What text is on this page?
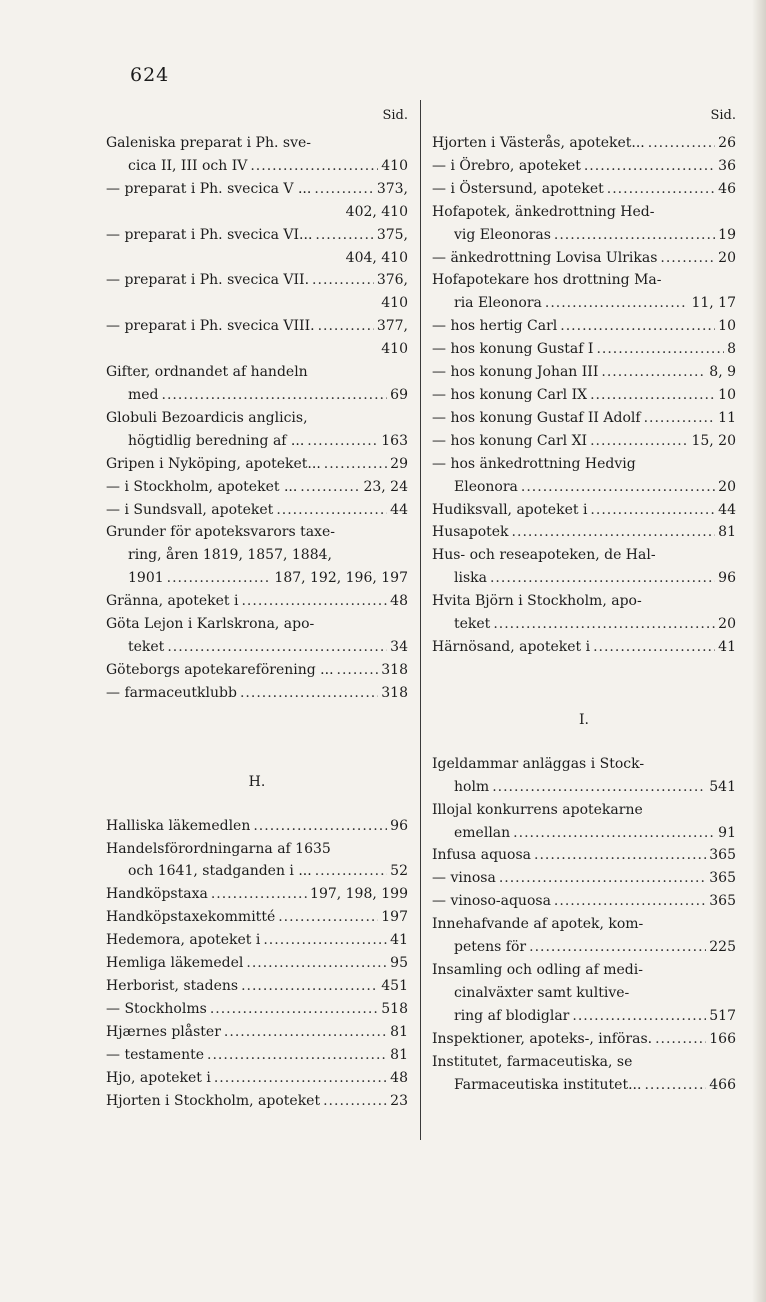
624
Sid.
Galeniska preparat i Ph. sve-
cica II, III och IV .....	410
— preparat i Ph. svecica V ... .....	373,
402, 410
— preparat i Ph. svecica VI... .....	375,
404, 410
— preparat i Ph. svecica VII. .....	376,
410
— preparat i Ph. svecica VIII. .....	377,
410
Gifter, ordnandet af handeln
med .....	69
Globuli Bezoardicis anglicis,
högtidlig beredning af ... .....	163
Gripen i Nyköping, apoteket... .....	29
— i Stockholm, apoteket ... .....	23, 24
— i Sundsvall, apoteket .....	44
Grunder för apoteksvarors taxe-
ring, åren 1819, 1857, 1884,
1901 .....	187, 192, 196, 197
Gränna, apoteket i .....	48
Göta Lejon i Karlskrona, apo-
teket .....	34
Göteborgs apotekareförening ... .....	318
— farmaceutklubb .....	318
H.
Halliska läkemedlen .....	96
Handelsförordningarna af 1635
och 1641, stadganden i ... .....	52
Handköpstaxa .....	197, 198, 199
Handköpstaxekommitté .....	197
Hedemora, apoteket i .....	41
Hemliga läkemedel .....	95
Herborist, stadens .....	451
— Stockholms .....	518
Hjærnes plåster .....	81
— testamente .....	81
Hjo, apoteket i .....	48
Hjorten i Stockholm, apoteket .....	23
Sid.
Hjorten i Västerås, apoteket... .....	26
— i Örebro, apoteket .....	36
— i Östersund, apoteket .....	46
Hofapotek, änkedrottning Hed-
vig Eleonoras .....	19
— änkedrottning Lovisa Ulrikas .....	20
Hofapotekare hos drottning Ma-
ria Eleonora .....	11, 17
— hos hertig Carl .....	10
— hos konung Gustaf I .....	8
— hos konung Johan III .....	8, 9
— hos konung Carl IX .....	10
— hos konung Gustaf II Adolf .....	11
— hos konung Carl XI .....	15, 20
— hos änkedrottning Hedvig
Eleonora .....	20
Hudiksvall, apoteket i .....	44
Husapotek .....	81
Hus- och reseapoteken, de Hal-
liska .....	96
Hvita Björn i Stockholm, apo-
teket .....	20
Härnösand, apoteket i .....	41
I.
Igeldammar anläggas i Stock-
holm .....	541
Illojal konkurrens apotekarne
emellan .....	91
Infusa aquosa .....	365
— vinosa .....	365
— vinoso-aquosa .....	365
Innehafvande af apotek, kom-
petens för .....	225
Insamling och odling af medi-
cinalväxter samt kultive-
ring af blodiglar .....	517
Inspektioner, apoteks-, införas. .....	166
Institutet, farmaceutiska, se
Farmaceutiska institutet... .....	466
